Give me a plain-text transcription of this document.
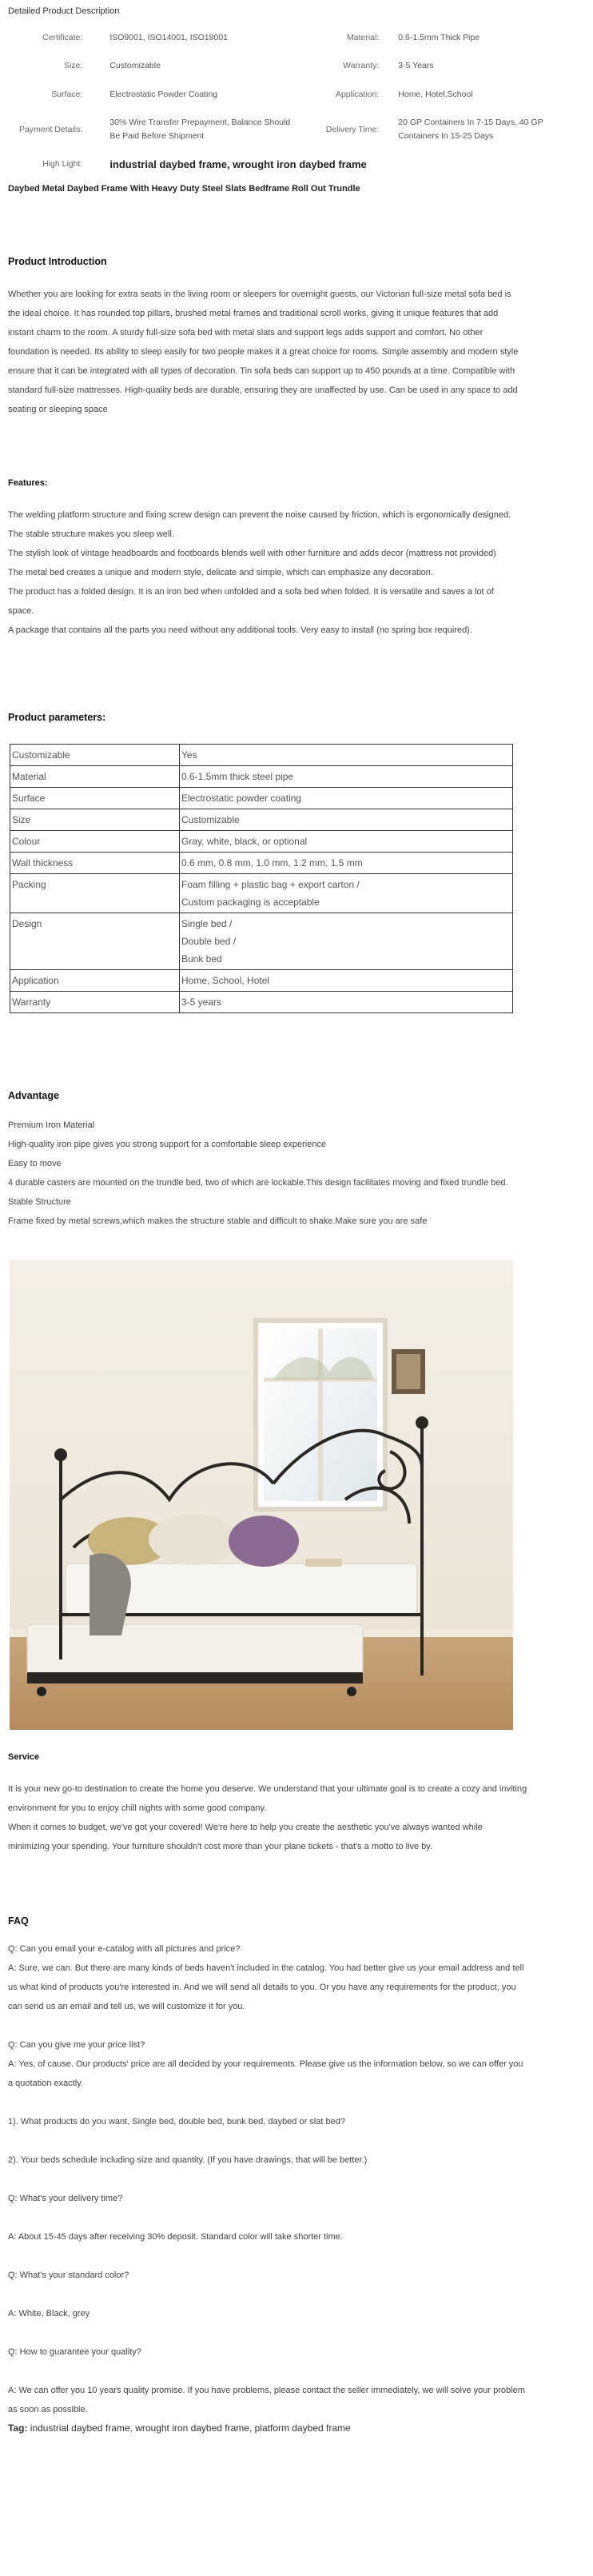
Detailed Product Description
Certificate:	ISO9001, ISO14001, ISO18001	Material:	0.6-1.5mm Thick Pipe
Size:	Customizable	Warranty:	3-5 Years
Surface:	Electrostatic Powder Coating	Application:	Home, Hotel,School
Payment Details:	30% Wire Transfer Prepayment, Balance Should Be Paid Before Shipment	Delivery Time:	20 GP Containers In 7-15 Days, 40 GP Containers In 15-25 Days
High Light:	industrial daybed frame, wrought iron daybed frame		
Daybed Metal Daybed Frame With Heavy Duty Steel Slats Bedframe Roll Out Trundle
Product Introduction
Whether you are looking for extra seats in the living room or sleepers for overnight guests, our Victorian full-size metal sofa bed is
the ideal choice. It has rounded top pillars, brushed metal frames and traditional scroll works, giving it unique features that add
instant charm to the room. A sturdy full-size sofa bed with metal slats and support legs adds support and comfort. No other
foundation is needed. Its ability to sleep easily for two people makes it a great choice for rooms. Simple assembly and modern style
ensure that it can be integrated with all types of decoration. Tin sofa beds can support up to 450 pounds at a time. Compatible with
standard full-size mattresses. High-quality beds are durable, ensuring they are unaffected by use. Can be used in any space to add
seating or sleeping space
Features:
The welding platform structure and fixing screw design can prevent the noise caused by friction, which is ergonomically designed.
The stable structure makes you sleep well.
The stylish look of vintage headboards and footboards blends well with other furniture and adds decor (mattress not provided)
The metal bed creates a unique and modern style, delicate and simple, which can emphasize any decoration.
The product has a folded design. It is an iron bed when unfolded and a sofa bed when folded. It is versatile and saves a lot of
space.
A package that contains all the parts you need without any additional tools. Very easy to install (no spring box required).
Product parameters:
Customizable	Yes

Material	0.6-1.5mm thick steel pipe

Surface	Electrostatic powder coating

Size	Customizable

Colour	Gray, white, black, or optional

Wall thickness	0.6 mm, 0.8 mm, 1.0 mm, 1.2 mm, 1.5 mm

Packing	Foam filling + plastic bag + export carton /
Custom packaging is acceptable

Design	Single bed /
Double bed /
Bunk bed

Application	Home, School, Hotel

Warranty	3-5 years
Advantage
Premium Iron Material
High-quality iron pipe gives you strong support for a comfortable sleep experience
Easy to move
4 durable casters are mounted on the trundle bed, two of which are lockable.This design facilitates moving and fixed trundle bed.
Stable Structure
Frame fixed by metal screws,which makes the structure stable and difficult to shake.Make sure you are safe
Service
It is your new go-to destination to create the home you deserve. We understand that your ultimate goal is to create a cozy and inviting
environment for you to enjoy chill nights with some good company.
When it comes to budget, we've got your covered! We're here to help you create the aesthetic you've always wanted while
minimizing your spending. Your furniture shouldn't cost more than your plane tickets - that's a motto to live by.
FAQ
Q: Can you email your e-catalog with all pictures and price?
A: Sure, we can. But there are many kinds of beds haven't included in the catalog. You had better give us your email address and tell
us what kind of products you're interested in. And we will send all details to you. Or you have any requirements for the product, you
can send us an email and tell us, we will customize it for you.

Q: Can you give me your price list?
A: Yes, of cause. Our products' price are all decided by your requirements. Please give us the information below, so we can offer you
a quotation exactly.

1). What products do you want, Single bed, double bed, bunk bed, daybed or slat bed?

2). Your beds schedule including size and quantity. (If you have drawings, that will be better.)

Q: What's your delivery time?

A: About 15-45 days after receiving 30% deposit. Standard color will take shorter time.

Q: What's your standard color?

A: White, Black, grey

Q: How to guarantee your quality?

A: We can offer you 10 years quality promise. If you have problems, please contact the seller immediately, we will solve your problem
as soon as possible.
Tag: industrial daybed frame, wrought iron daybed frame, platform daybed frame
